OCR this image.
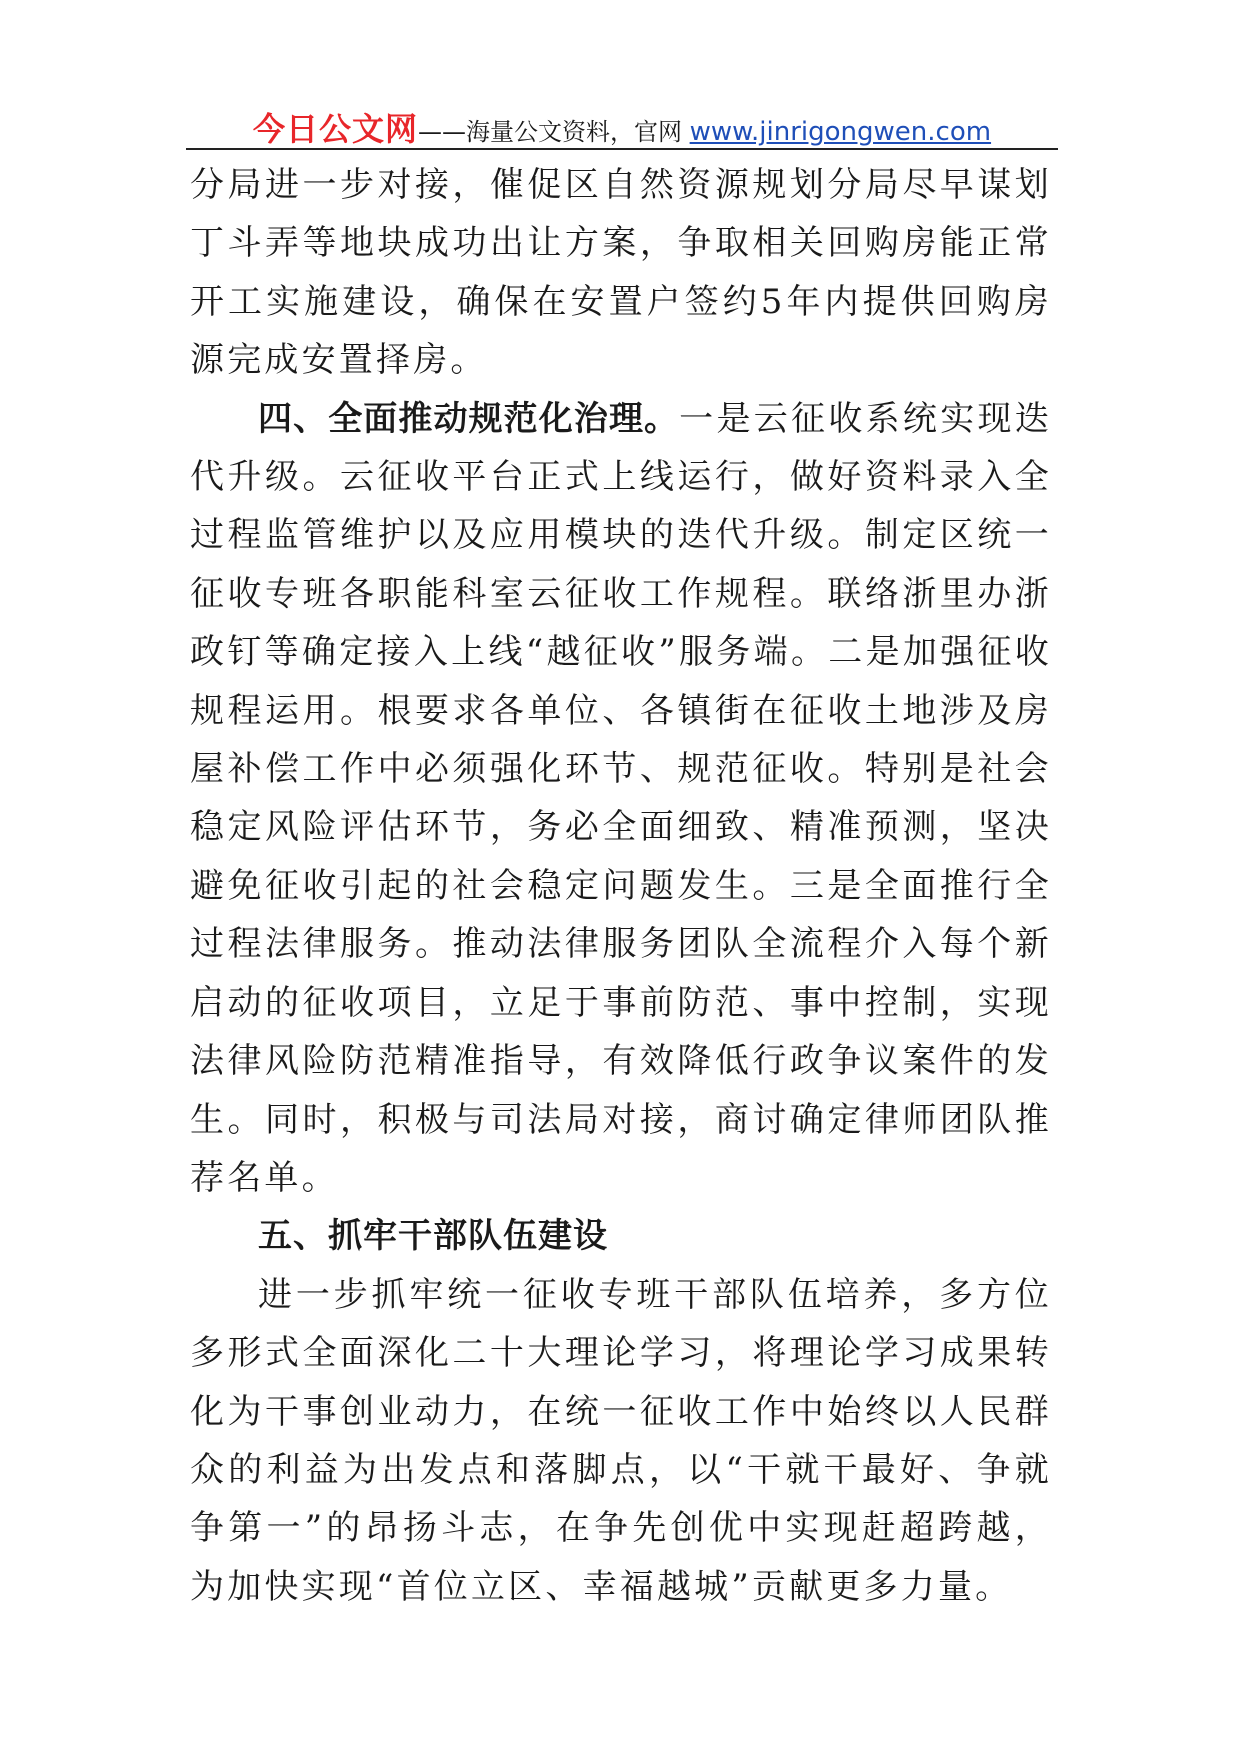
今日公文网——海量公文资料，官网 www.jinrigongwen.com

分局进一步对接，催促区自然资源规划分局尽早谋划丁斗弄等地块成功出让方案，争取相关回购房能正常开工实施建设，确保在安置户签约5年内提供回购房源完成安置择房。

四、全面推动规范化治理。一是云征收系统实现迭代升级。云征收平台正式上线运行，做好资料录入全过程监管维护以及应用模块的迭代升级。制定区统一征收专班各职能科室云征收工作规程。联络浙里办浙政钉等确定接入上线“越征收”服务端。二是加强征收规程运用。根要求各单位、各镇街在征收土地涉及房屋补偿工作中必须强化环节、规范征收。特别是社会稳定风险评估环节，务必全面细致、精准预测，坚决避免征收引起的社会稳定问题发生。三是全面推行全过程法律服务。推动法律服务团队全流程介入每个新启动的征收项目，立足于事前防范、事中控制，实现法律风险防范精准指导，有效降低行政争议案件的发生。同时，积极与司法局对接，商讨确定律师团队推荐名单。

五、抓牢干部队伍建设

进一步抓牢统一征收专班干部队伍培养，多方位多形式全面深化二十大理论学习，将理论学习成果转化为干事创业动力，在统一征收工作中始终以人民群众的利益为出发点和落脚点，以“干就干最好、争就争第一”的昂扬斗志，在争先创优中实现赶超跨越，为加快实现“首位立区、幸福越城”贡献更多力量。
